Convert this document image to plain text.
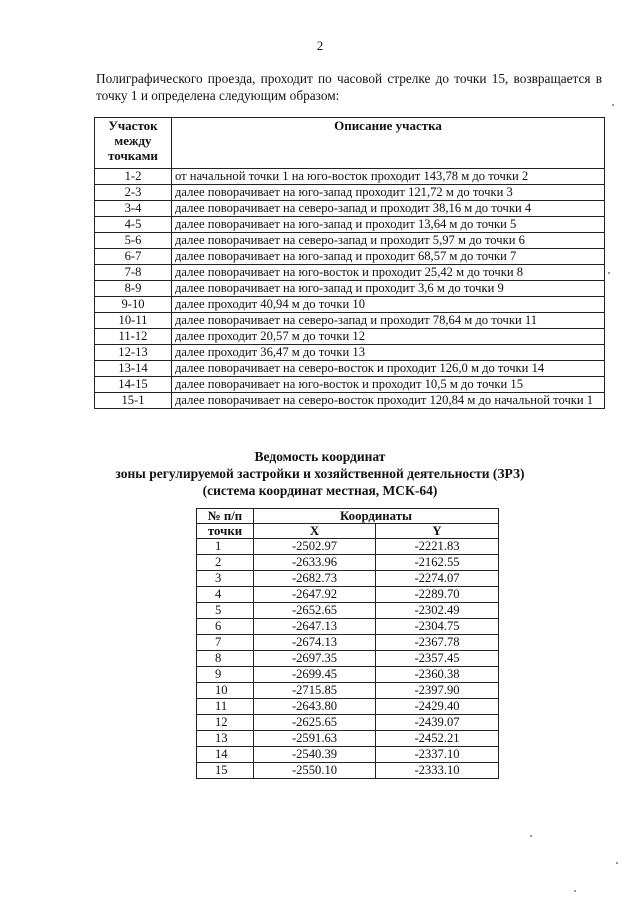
2

Полиграфического проезда, проходит по часовой стрелке до точки 15, возвращается в точку 1 и определена следующим образом:

Участок между точками	Описание участка
1-2	от начальной точки 1 на юго-восток проходит 143,78 м до точки 2
2-3	далее поворачивает на юго-запад проходит 121,72 м до точки 3
3-4	далее поворачивает на северо-запад и проходит 38,16 м до точки 4
4-5	далее поворачивает на юго-запад и проходит 13,64 м до точки 5
5-6	далее поворачивает на северо-запад и проходит 5,97 м до точки 6
6-7	далее поворачивает на юго-запад и проходит 68,57 м до точки 7
7-8	далее поворачивает на юго-восток и проходит 25,42 м до точки 8
8-9	далее поворачивает на юго-запад и проходит 3,6 м до точки 9
9-10	далее проходит 40,94 м до точки 10
10-11	далее поворачивает на северо-запад и проходит 78,64 м до точки 11
11-12	далее проходит 20,57 м до точки 12
12-13	далее проходит 36,47 м до точки 13
13-14	далее поворачивает на северо-восток и проходит 126,0 м до точки 14
14-15	далее поворачивает на юго-восток и проходит 10,5 м до точки 15
15-1	далее поворачивает на северо-восток проходит 120,84 м до начальной точки 1
Ведомость координат
зоны регулируемой застройки и хозяйственной деятельности (ЗРЗ)
(система координат местная, МСК-64)
№ п/п	Координаты	
точки	X	Y
1	-2502.97	-2221.83
2	-2633.96	-2162.55
3	-2682.73	-2274.07
4	-2647.92	-2289.70
5	-2652.65	-2302.49
6	-2647.13	-2304.75
7	-2674.13	-2367.78
8	-2697.35	-2357.45
9	-2699.45	-2360.38
10	-2715.85	-2397.90
11	-2643.80	-2429.40
12	-2625.65	-2439.07
13	-2591.63	-2452.21
14	-2540.39	-2337.10
15	-2550.10	-2333.10
